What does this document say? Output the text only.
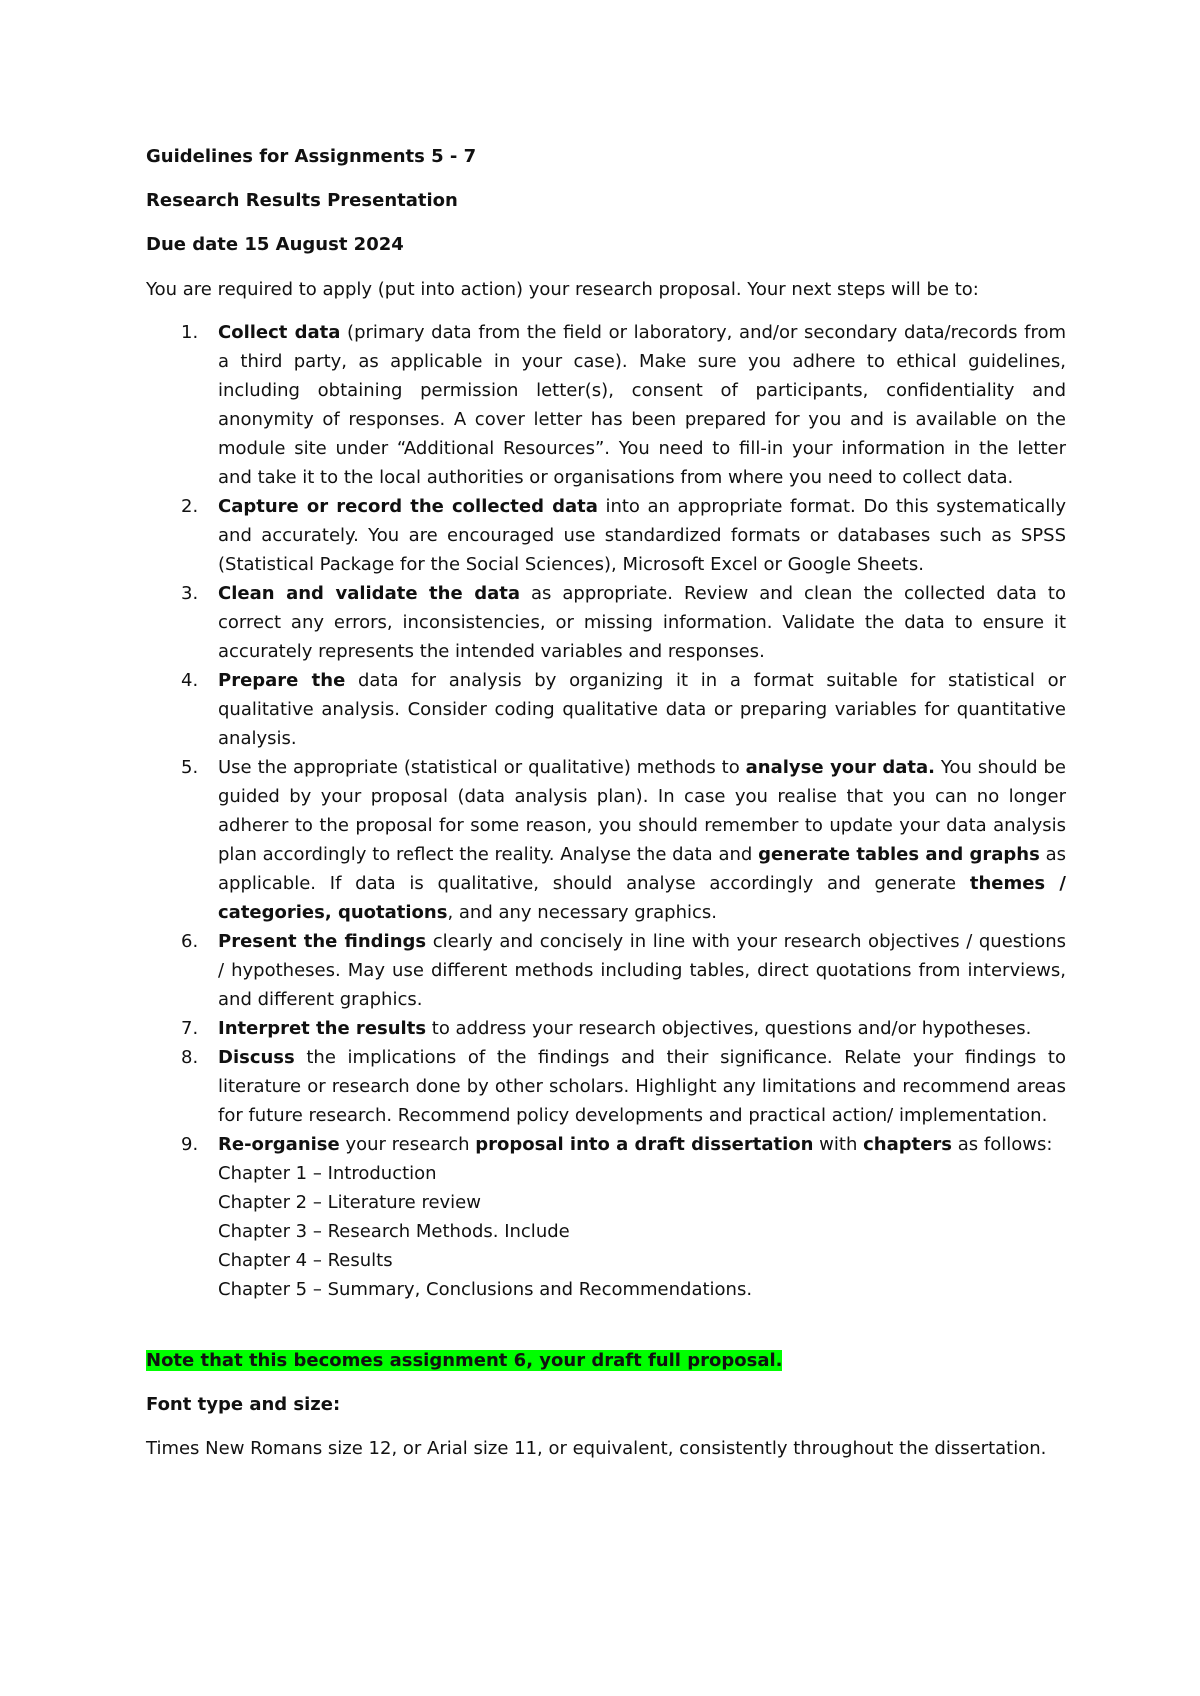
Guidelines for Assignments 5 - 7

Research Results Presentation

Due date 15 August 2024

You are required to apply (put into action) your research proposal. Your next steps will be to:

1. Collect data (primary data from the field or laboratory, and/or secondary data/records from a third party, as applicable in your case). Make sure you adhere to ethical guidelines, including obtaining permission letter(s), consent of participants, confidentiality and anonymity of responses. A cover letter has been prepared for you and is available on the module site under “Additional Resources”. You need to fill-in your information in the letter and take it to the local authorities or organisations from where you need to collect data.
2. Capture or record the collected data into an appropriate format. Do this systematically and accurately. You are encouraged use standardized formats or databases such as SPSS (Statistical Package for the Social Sciences), Microsoft Excel or Google Sheets.
3. Clean and validate the data as appropriate. Review and clean the collected data to correct any errors, inconsistencies, or missing information. Validate the data to ensure it accurately represents the intended variables and responses.
4. Prepare the data for analysis by organizing it in a format suitable for statistical or qualitative analysis. Consider coding qualitative data or preparing variables for quantitative analysis.
5. Use the appropriate (statistical or qualitative) methods to analyse your data. You should be guided by your proposal (data analysis plan). In case you realise that you can no longer adherer to the proposal for some reason, you should remember to update your data analysis plan accordingly to reflect the reality. Analyse the data and generate tables and graphs as applicable. If data is qualitative, should analyse accordingly and generate themes / categories, quotations, and any necessary graphics.
6. Present the findings clearly and concisely in line with your research objectives / questions / hypotheses. May use different methods including tables, direct quotations from interviews, and different graphics.
7. Interpret the results to address your research objectives, questions and/or hypotheses.
8. Discuss the implications of the findings and their significance. Relate your findings to literature or research done by other scholars. Highlight any limitations and recommend areas for future research. Recommend policy developments and practical action/ implementation.
9. Re-organise your research proposal into a draft dissertation with chapters as follows:
Chapter 1 – Introduction
Chapter 2 – Literature review
Chapter 3 – Research Methods. Include
Chapter 4 – Results
Chapter 5 – Summary, Conclusions and Recommendations.

Note that this becomes assignment 6, your draft full proposal.

Font type and size:

Times New Romans size 12, or Arial size 11, or equivalent, consistently throughout the dissertation.
